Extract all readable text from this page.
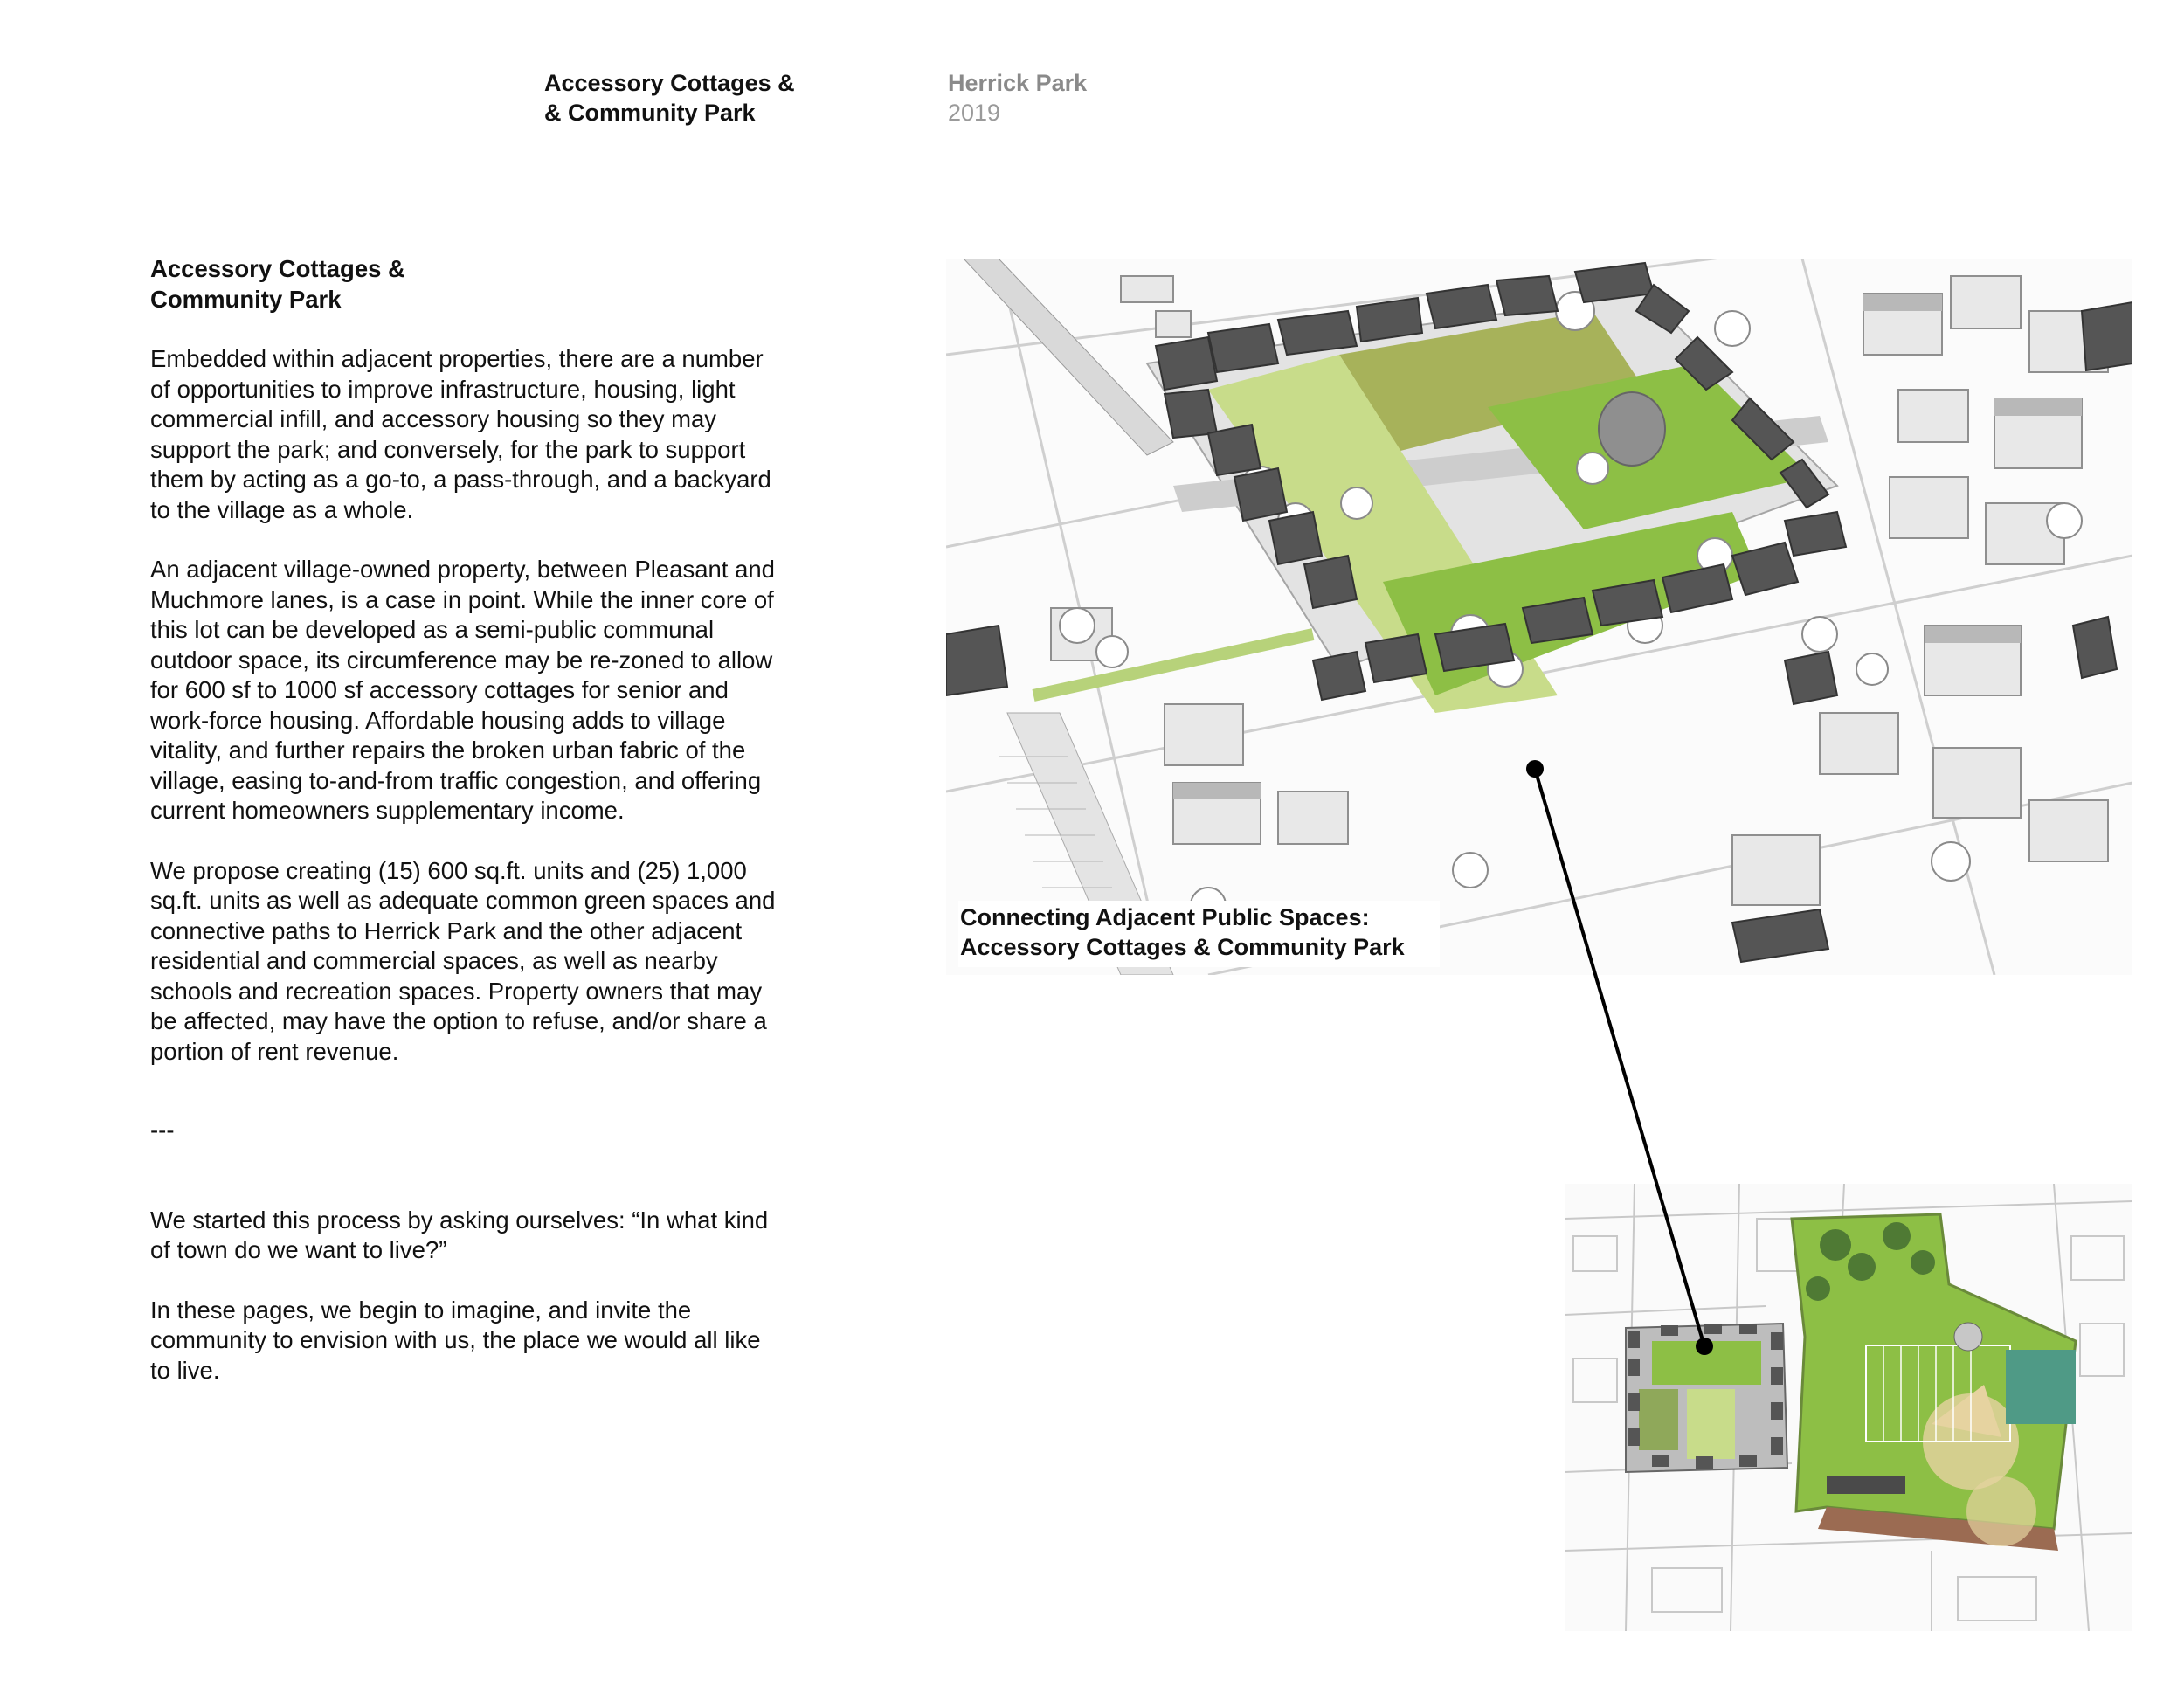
Accessory Cottages &
& Community Park
Herrick Park
2019
Accessory Cottages &
Community Park

Embedded within adjacent properties, there are a number of opportunities to improve infrastructure, housing, light commercial infill, and accessory housing so they may support the park; and conversely, for the park to support them by acting as a go-to, a pass-through, and a backyard to the village as a whole.

An adjacent village-owned property, between Pleasant and Muchmore lanes, is a case in point. While the inner core of this lot can be developed as a semi-public communal outdoor space, its circumference may be re-zoned to allow for 600 sf to 1000 sf accessory cottages for senior and work-force housing. Affordable housing adds to village vitality, and further repairs the broken urban fabric of the village, easing to-and-from traffic congestion, and offering current homeowners supplementary income.

We propose creating (15) 600 sq.ft. units and (25) 1,000 sq.ft. units as well as adequate common green spaces and connective paths to Herrick Park and the other adjacent residential and commercial spaces, as well as nearby schools and recreation spaces. Property owners that may be affected, may have the option to refuse, and/or share a portion of rent revenue.

---

We started this process by asking ourselves: “In what kind of town do we want to live?”

In these pages, we begin to imagine, and invite the community to envision with us, the place we would all like to live.

Connecting Adjacent Public Spaces:
Accessory Cottages & Community Park
